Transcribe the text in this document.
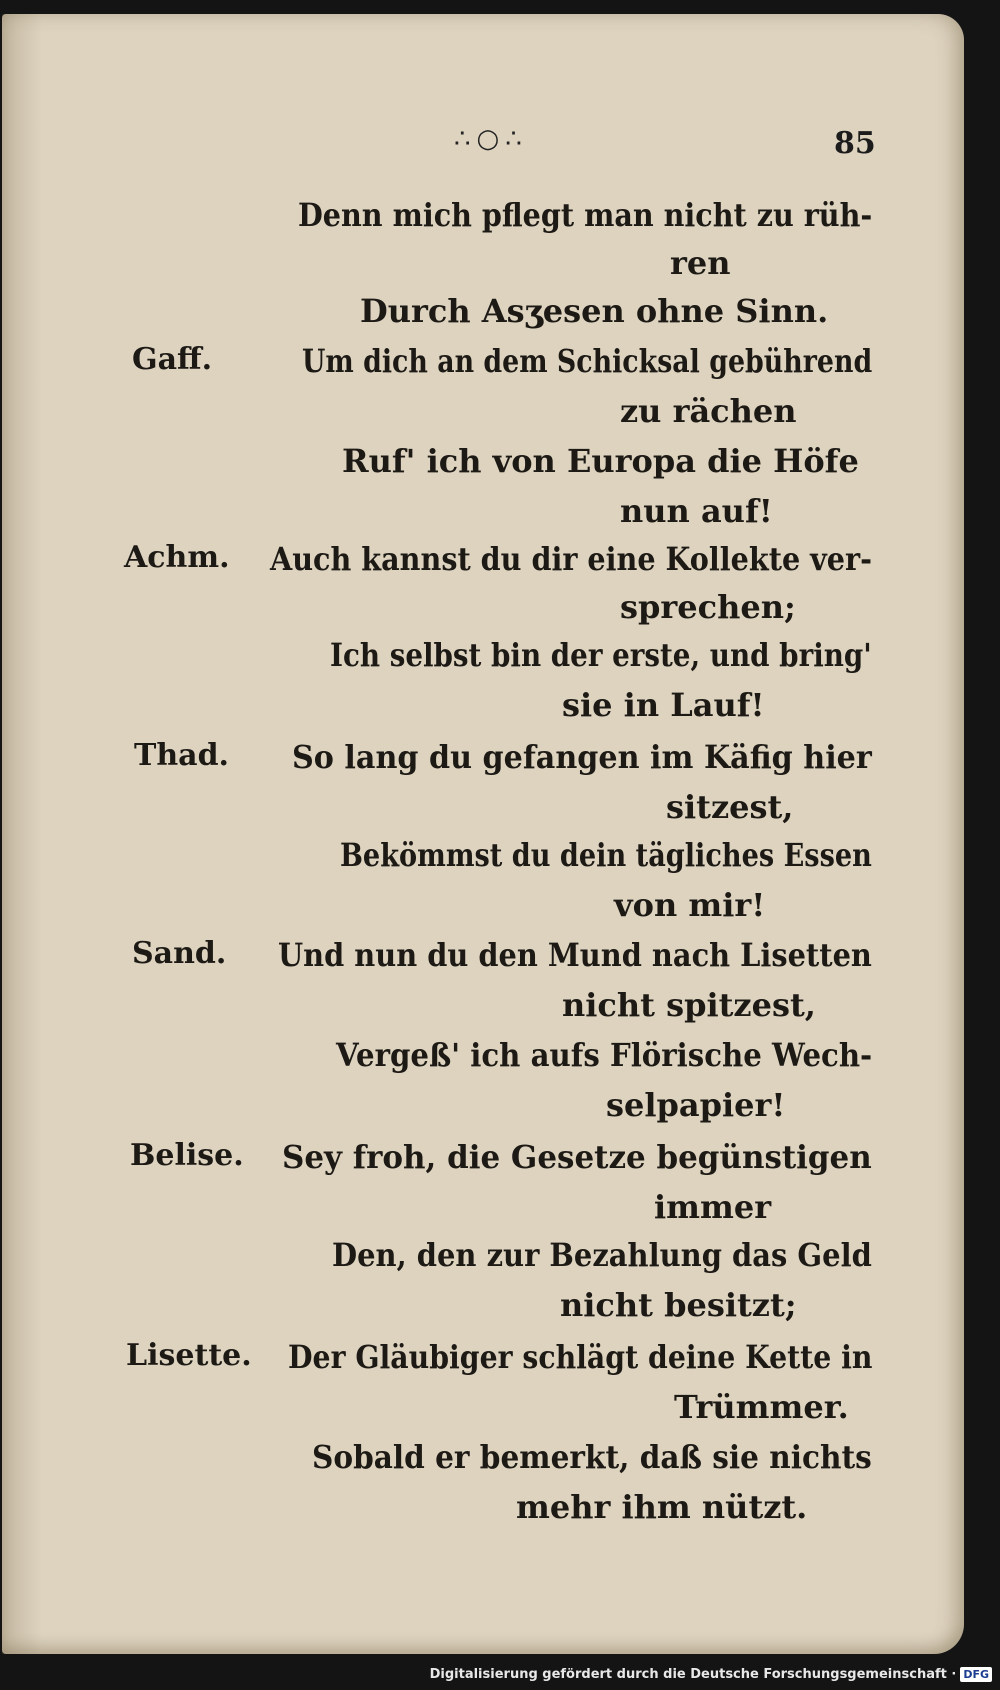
∴○∴	85
Denn mich pflegt man nicht zu rüh-
ren
Durch Asʒesen ohne Sinn.
Gaff.	Um dich an dem Schicksal gebührend
zu rächen
Ruf' ich von Europa die Höfe
nun auf!
Achm. Auch kannst du dir eine Kollekte ver-
sprechen;
Ich selbst bin der erste, und bring'
sie in Lauf!
Thad. So lang du gefangen im Käfig hier
sitzest,
Bekömmst du dein tägliches Essen
von mir!
Sand. Und nun du den Mund nach Lisetten
nicht spitzest,
Vergeß' ich aufs Flörische Wech-
selpapier!
Belise. Sey froh, die Gesetze begünstigen
immer
Den, den zur Bezahlung das Geld
nicht besitzt;
Lisette. Der Gläubiger schlägt deine Kette in
Trümmer.
Sobald er bemerkt, daß sie nichts
mehr ihm nützt.
Digitalisierung gefördert durch die Deutsche Forschungsgemeinschaft · DFG
